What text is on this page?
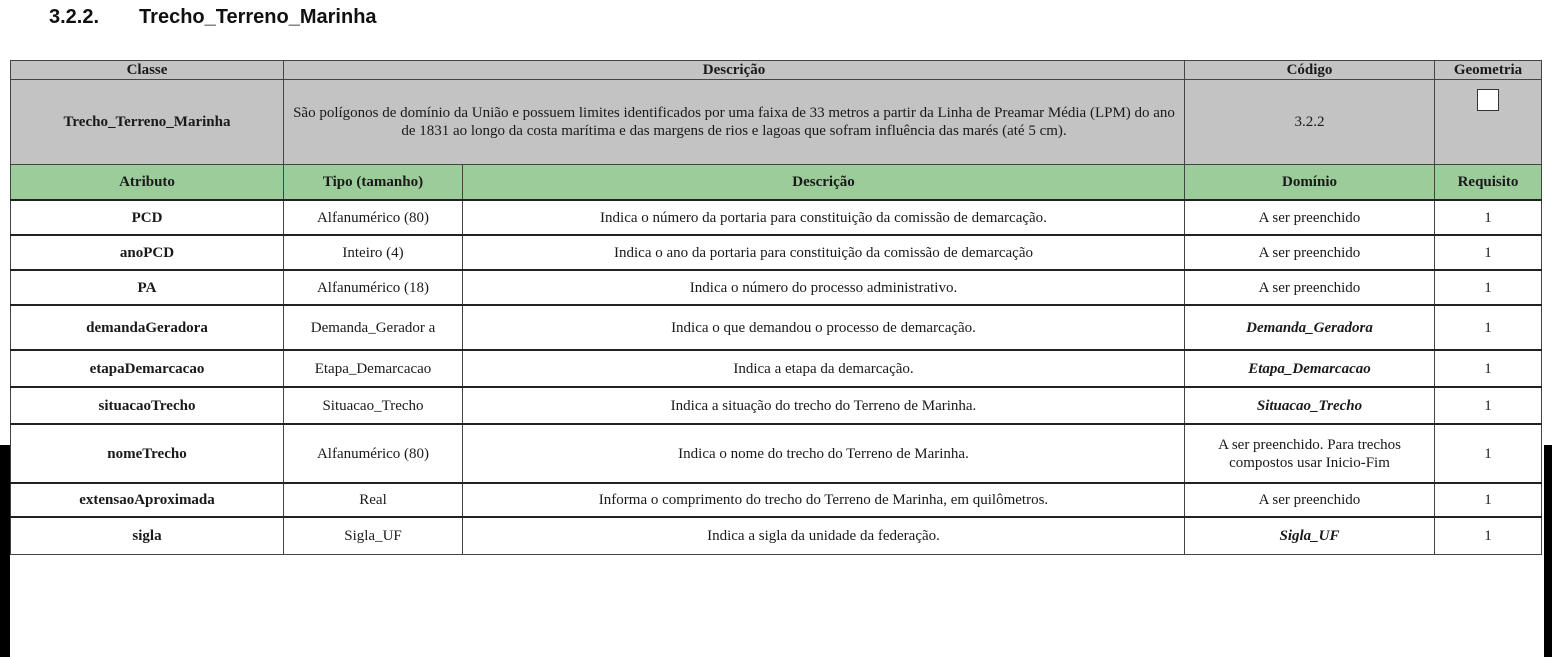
3.2.2. Trecho_Terreno_Marinha
Classe	Descrição		Código	Geometria
Trecho_Terreno_Marinha	São polígonos de domínio da União e possuem limites identificados por uma faixa de 33 metros a partir da Linha de Preamar Média (LPM) do ano de 1831 ao longo da costa marítima e das margens de rios e lagoas que sofram influência das marés (até 5 cm).		3.2.2	
Atributo	Tipo (tamanho)	Descrição	Domínio	Requisito
PCD	Alfanumérico (80)	Indica o número da portaria para constituição da comissão de demarcação.	A ser preenchido	1
anoPCD	Inteiro (4)	Indica o ano da portaria para constituição da comissão de demarcação	A ser preenchido	1
PA	Alfanumérico (18)	Indica o número do processo administrativo.	A ser preenchido	1
demandaGeradora	Demanda_Gerador a	Indica o que demandou o processo de demarcação.	Demanda_Geradora	1
etapaDemarcacao	Etapa_Demarcacao	Indica a etapa da demarcação.	Etapa_Demarcacao	1
situacaoTrecho	Situacao_Trecho	Indica a situação do trecho do Terreno de Marinha.	Situacao_Trecho	1
nomeTrecho	Alfanumérico (80)	Indica o nome do trecho do Terreno de Marinha.	A ser preenchido. Para trechos compostos usar Inicio-Fim	1
extensaoAproximada	Real	Informa o comprimento do trecho do Terreno de Marinha, em quilômetros.	A ser preenchido	1
sigla	Sigla_UF	Indica a sigla da unidade da federação.	Sigla_UF	1
